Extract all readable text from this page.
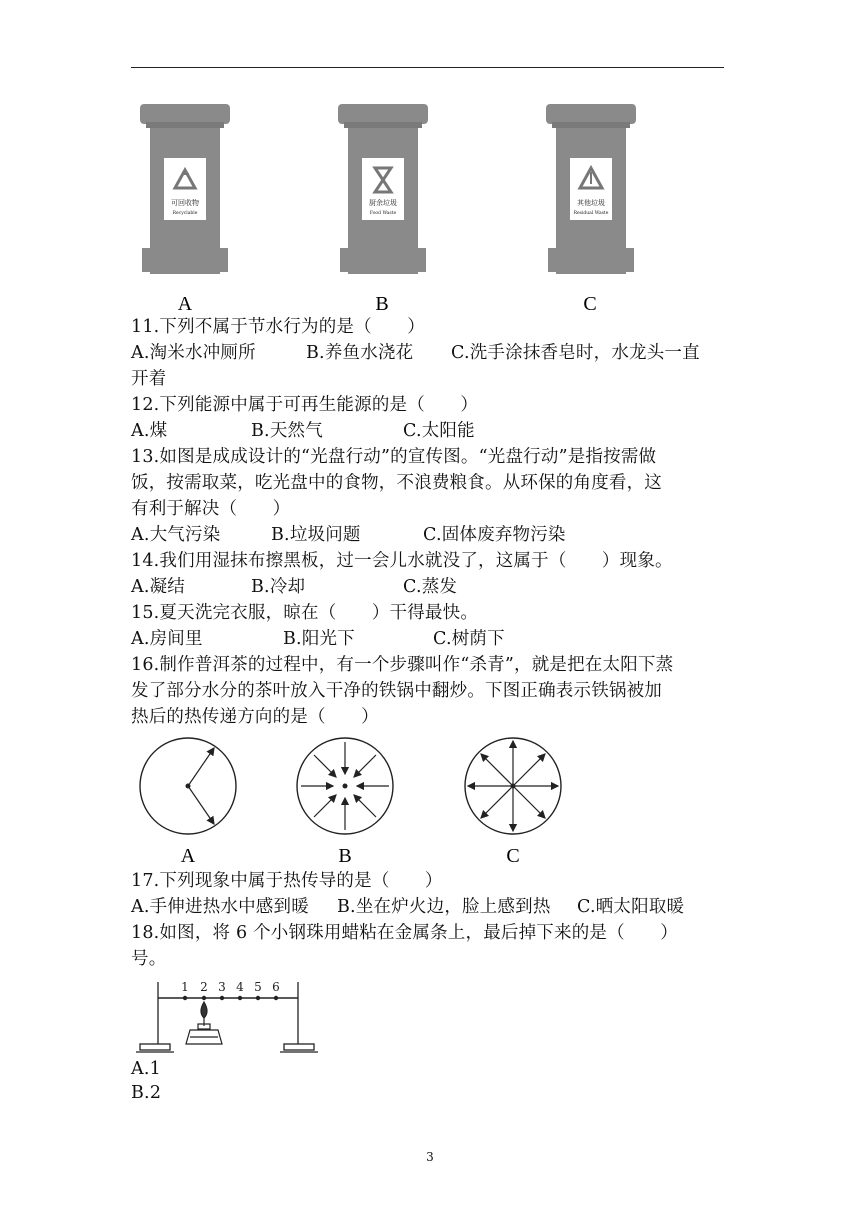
可回收物
Recyclable
厨余垃圾
Food Waste
其他垃圾
Residual Waste
A	B	C
11.下列不属于节水行为的是（　　）

A.淘米水冲厕所

	B.养鱼水浇花

C.洗手涂抹香皂时，水龙头一直

开着
12.下列能源中属于可再生能源的是（　　）

A.煤

	B.天然气

	C.太阳能

13.如图是成成设计的“光盘行动”的宣传图。“光盘行动”是指按需做
饭，按需取菜，吃光盘中的食物，不浪费粮食。从环保的角度看，这
有利于解决（　　）

A.大气污染

	B.垃圾问题

	C.固体废弃物污染

14.我们用湿抹布擦黑板，过一会儿水就没了，这属于（　　）现象。

A.凝结

	B.冷却

	C.蒸发

15.夏天洗完衣服，晾在（　　）干得最快。

A.房间里

	B.阳光下

	C.树荫下

16.制作普洱茶的过程中，有一个步骤叫作“杀青”，就是把在太阳下蒸
发了部分水分的茶叶放入干净的铁锅中翻炒。下图正确表示铁锅被加
热后的热传递方向的是（　　）
A	B	C
17.下列现象中属于热传导的是（　　）

A.手伸进热水中感到暖

B.坐在炉火边，脸上感到热

C.晒太阳取暖

18.如图，将 6 个小钢珠用蜡粘在金属条上，最后掉下来的是（　　）
号。
1 2 3 4 5 6
A.1
B.2
3
